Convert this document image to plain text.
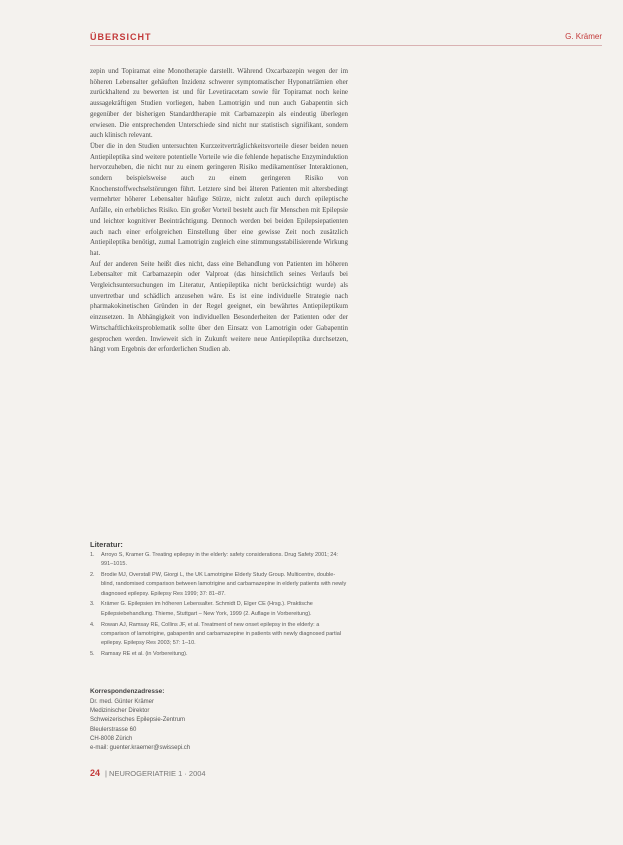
ÜBERSICHT	G. Krämer

zepin und Topiramat eine Monotherapie darstellt. Während Oxcarbazepin wegen der im höheren Lebensalter gehäuften Inzidenz schwerer symptomatischer Hyponatriämien eher zurückhaltend zu bewerten ist und für Levetiracetam sowie für Topiramat noch keine aussagekräftigen Studien vorliegen, haben Lamotrigin und nun auch Gabapentin sich gegenüber der bisherigen Standardtherapie mit Carbamazepin als eindeutig überlegen erwiesen. Die entsprechenden Unterschiede sind nicht nur statistisch signifikant, sondern auch klinisch relevant.

Über die in den Studien untersuchten Kurzzeitverträglichkeitsvorteile dieser beiden neuen Antiepileptika sind weitere potentielle Vorteile wie die fehlende hepatische Enzyminduktion hervorzuheben, die nicht nur zu einem geringeren Risiko medikamentöser Interaktionen, sondern beispielsweise auch zu einem geringeren Risiko von Knochenstoffwechselstörungen führt. Letztere sind bei älteren Patienten mit altersbedingt vermehrter höherer Lebensalter häufige Stürze, nicht zuletzt auch durch epileptische Anfälle, ein erhebliches Risiko. Ein großer Vorteil besteht auch für Menschen mit Epilepsie und leichter kognitiver Beeinträchtigung. Dennoch werden bei beiden Epilepsiepatienten auch nach einer erfolgreichen Einstellung über eine gewisse Zeit noch zusätzlich Antiepileptika benötigt, zumal Lamotrigin zugleich eine stimmungsstabilisierende Wirkung hat.

Auf der anderen Seite heißt dies nicht, dass eine Behandlung von Patienten im höheren Lebensalter mit Carbamazepin oder Valproat (das hinsichtlich seines Verlaufs bei Vergleichsuntersuchungen im Literatur, Antiepileptika nicht berücksichtigt wurde) als unvertretbar und schädlich anzusehen wäre. Es ist eine individuelle Strategie nach pharmakokinetischen Gründen in der Regel geeignet, ein bewährtes Antiepileptikum einzusetzen. In Abhängigkeit von individuellen Besonderheiten der Patienten oder der Wirtschaftlichkeitsproblematik sollte über den Einsatz von Lamotrigin oder Gabapentin gesprochen werden. Inwieweit sich in Zukunft weitere neue Antiepileptika durchsetzen, hängt vom Ergebnis der erforderlichen Studien ab.

Literatur:
1. Arroyo S, Kramer G. Treating epilepsy in the elderly: safety considerations. Drug Safety 2001; 24: 991–1015.
2. Brodie MJ, Overstall PW, Giorgi L, the UK Lamotrigine Elderly Study Group. Multicentre, double-blind, randomised comparison between lamotrigine and carbamazepine in elderly patients with newly diagnosed epilepsy. Epilepsy Res 1999; 37: 81–87.
3. Krämer G. Epilepsien im höheren Lebensalter. Schmidt D, Elger CE (Hrsg.). Praktische Epilepsiebehandlung. Thieme, Stuttgart – New York, 1999 (2. Auflage in Vorbereitung).
4. Rowan AJ, Ramsay RE, Collins JF, et al. Treatment of new onset epilepsy in the elderly: a comparison of lamotrigine, gabapentin and carbamazepine in patients with newly diagnosed partial epilepsy. Epilepsy Res 2003; 57: 1–10.
5. Ramsay RE et al. (in Vorbereitung).
Korrespondenzadresse:
Dr. med. Günter Krämer
Medizinischer Direktor
Schweizerisches Epilepsie-Zentrum
Bleulerstrasse 60
CH-8008 Zürich
e-mail: guenter.kraemer@swissepi.ch
24 | NEUROGERIATRIE 1 · 2004
